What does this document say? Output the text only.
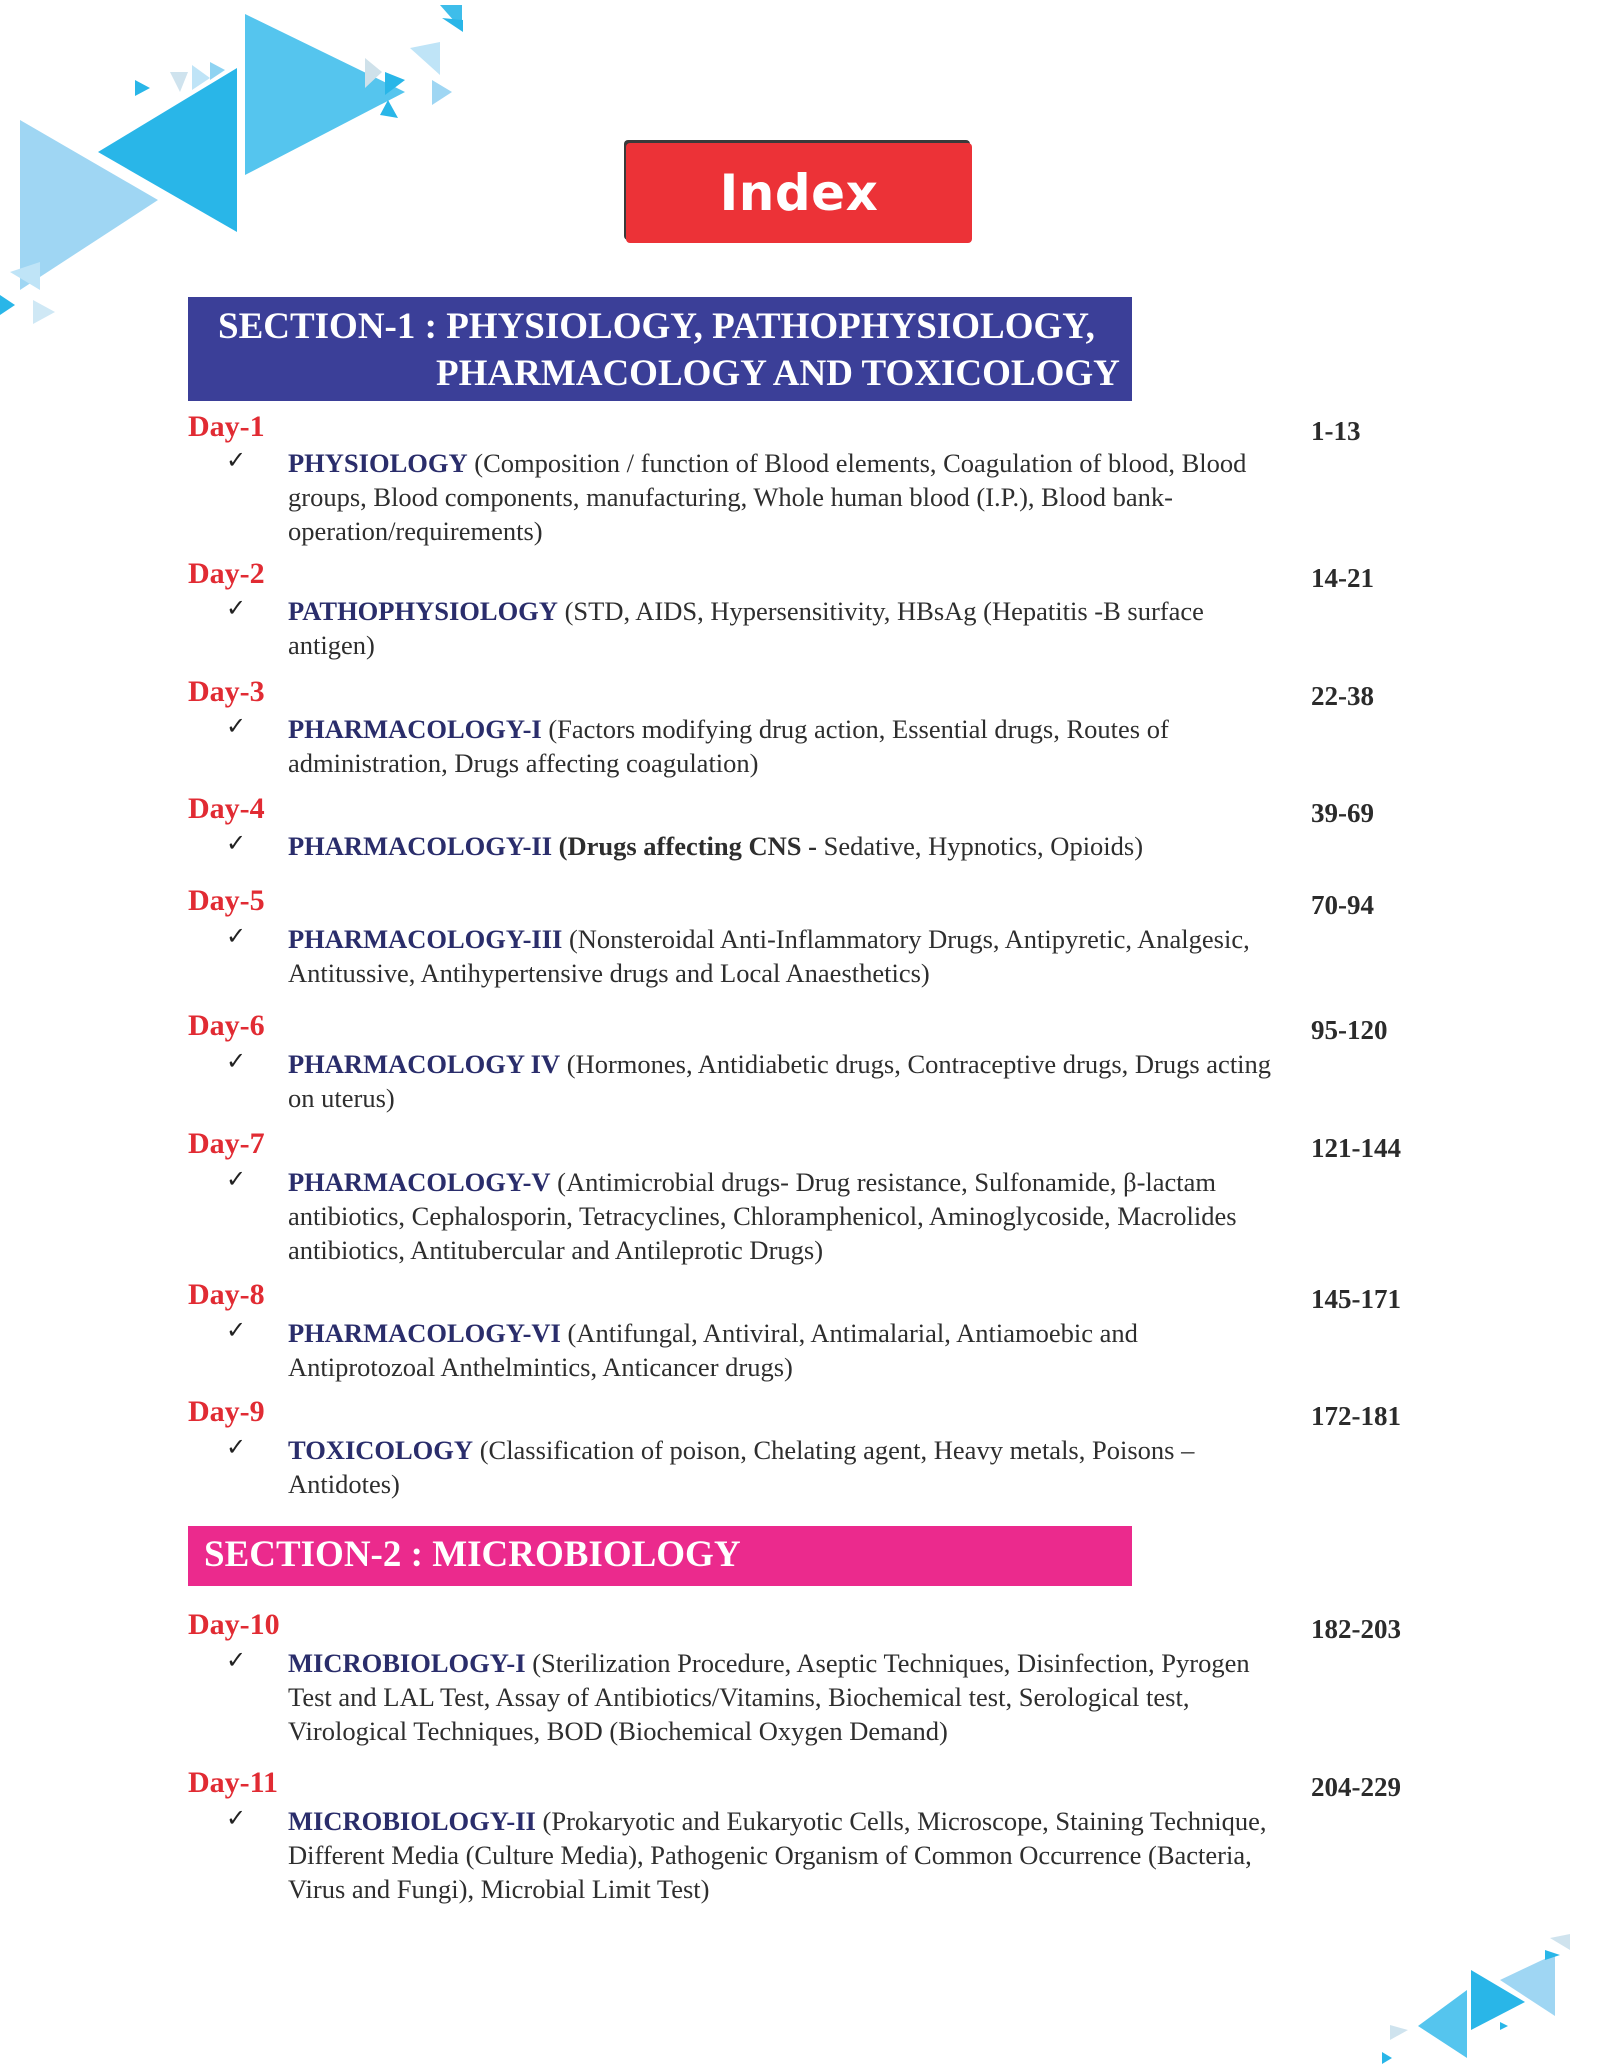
Index
SECTION-1 : PHYSIOLOGY, PATHOPHYSIOLOGY,
PHARMACOLOGY AND TOXICOLOGY
Day-1	1-13
✓ PHYSIOLOGY (Composition / function of Blood elements, Coagulation of blood, Blood groups, Blood components, manufacturing, Whole human blood (I.P.), Blood bank- operation/requirements)
Day-2	14-21
✓ PATHOPHYSIOLOGY (STD, AIDS, Hypersensitivity, HBsAg (Hepatitis -B surface antigen)
Day-3	22-38
✓ PHARMACOLOGY-I (Factors modifying drug action, Essential drugs, Routes of administration, Drugs affecting coagulation)
Day-4	39-69
✓ PHARMACOLOGY-II (Drugs affecting CNS - Sedative, Hypnotics, Opioids)
Day-5	70-94
✓ PHARMACOLOGY-III (Nonsteroidal Anti-Inflammatory Drugs, Antipyretic, Analgesic, Antitussive, Antihypertensive drugs and Local Anaesthetics)
Day-6	95-120
✓ PHARMACOLOGY IV (Hormones, Antidiabetic drugs, Contraceptive drugs, Drugs acting on uterus)
Day-7	121-144
✓ PHARMACOLOGY-V (Antimicrobial drugs- Drug resistance, Sulfonamide, β-lactam antibiotics, Cephalosporin, Tetracyclines, Chloramphenicol, Aminoglycoside, Macrolides antibiotics, Antitubercular and Antileprotic Drugs)
Day-8	145-171
✓ PHARMACOLOGY-VI (Antifungal, Antiviral, Antimalarial, Antiamoebic and Antiprotozoal Anthelmintics, Anticancer drugs)
Day-9	172-181
✓ TOXICOLOGY (Classification of poison, Chelating agent, Heavy metals, Poisons – Antidotes)
SECTION-2 : MICROBIOLOGY
Day-10	182-203
✓ MICROBIOLOGY-I (Sterilization Procedure, Aseptic Techniques, Disinfection, Pyrogen Test and LAL Test, Assay of Antibiotics/Vitamins, Biochemical test, Serological test, Virological Techniques, BOD (Biochemical Oxygen Demand)
Day-11	204-229
✓ MICROBIOLOGY-II (Prokaryotic and Eukaryotic Cells, Microscope, Staining Technique, Different Media (Culture Media), Pathogenic Organism of Common Occurrence (Bacteria, Virus and Fungi), Microbial Limit Test)
